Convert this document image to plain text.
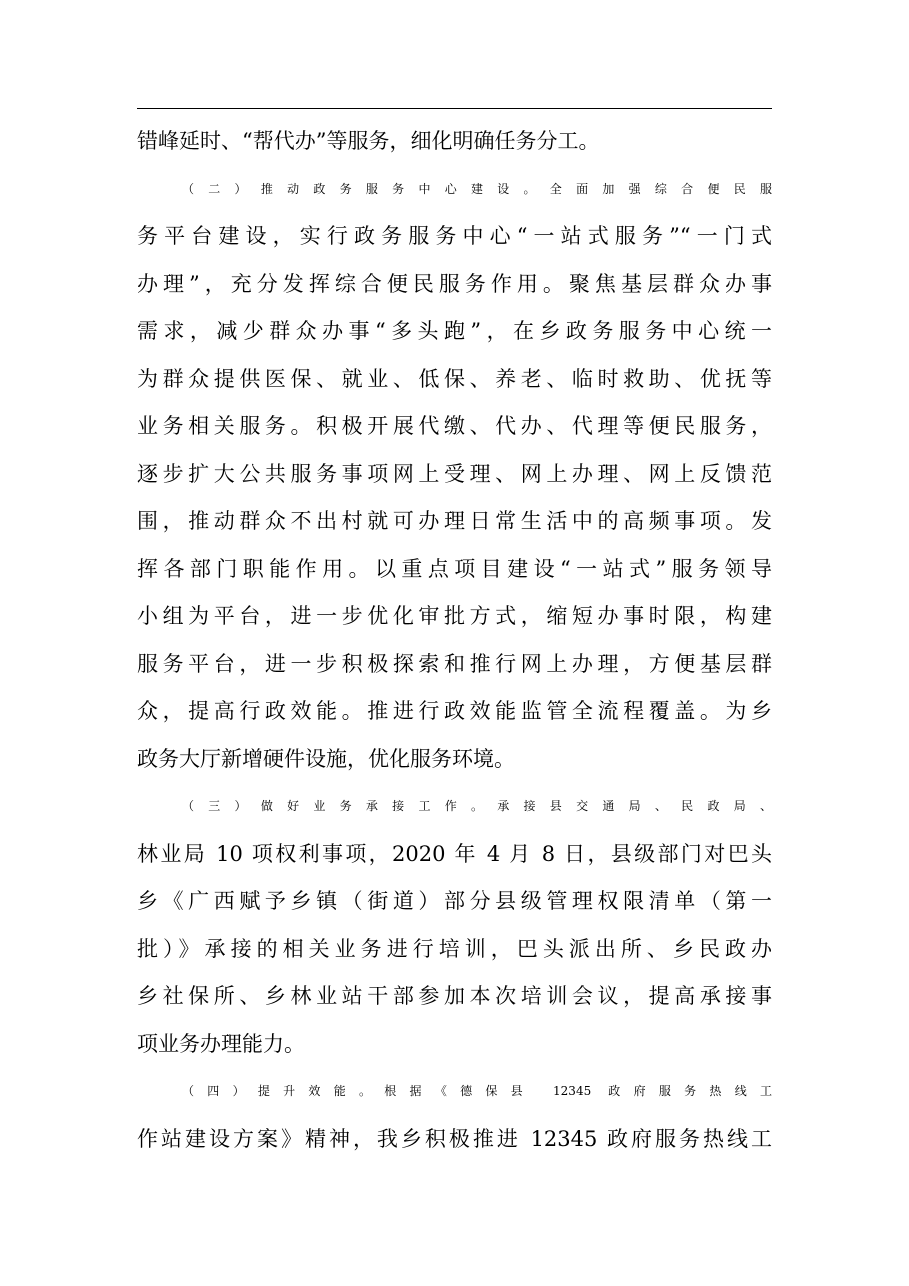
错峰延时、“帮代办”等服务，细化明确任务分工。
（二）推动政务服务中心建设。全面加强综合便民服
务平台建设，实行政务服务中心“一站式服务”“一门式
办理”，充分发挥综合便民服务作用。聚焦基层群众办事
需求，减少群众办事“多头跑”，在乡政务服务中心统一
为群众提供医保、就业、低保、养老、临时救助、优抚等
业务相关服务。积极开展代缴、代办、代理等便民服务，
逐步扩大公共服务事项网上受理、网上办理、网上反馈范
围，推动群众不出村就可办理日常生活中的高频事项。发
挥各部门职能作用。以重点项目建设“一站式”服务领导
小组为平台，进一步优化审批方式，缩短办事时限，构建
服务平台，进一步积极探索和推行网上办理，方便基层群
众，提高行政效能。推进行政效能监管全流程覆盖。为乡
政务大厅新增硬件设施，优化服务环境。
（三）做好业务承接工作。承接县交通局、民政局、
林业局 10 项权利事项，2020 年 4 月 8 日，县级部门对巴头
乡《广西赋予乡镇（街道）部分县级管理权限清单（第一
批）》承接的相关业务进行培训，巴头派出所、乡民政办
乡社保所、乡林业站干部参加本次培训会议，提高承接事
项业务办理能力。
（四）提升效能。根据《德保县 12345 政府服务热线工
作站建设方案》精神，我乡积极推进 12345 政府服务热线工
